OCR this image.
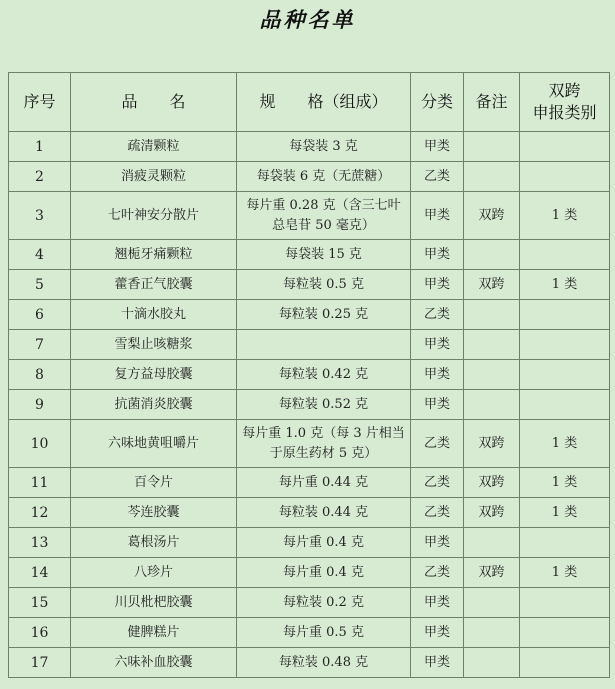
品种名单
序号	品　　名	规　　格（组成）	分类	备注	双跨
申报类别
1	疏清颗粒	每袋装 3 克	甲类		
2	消疲灵颗粒	每袋装 6 克（无蔗糖）	乙类		
3	七叶神安分散片	每片重 0.28 克（含三七叶总皂苷 50 毫克）	甲类	双跨	1 类
4	翘栀牙痛颗粒	每袋装 15 克	甲类		
5	藿香正气胶囊	每粒装 0.5 克	甲类	双跨	1 类
6	十滴水胶丸	每粒装 0.25 克	乙类		
7	雪梨止咳糖浆		甲类		
8	复方益母胶囊	每粒装 0.42 克	甲类		
9	抗菌消炎胶囊	每粒装 0.52 克	甲类		
10	六味地黄咀嚼片	每片重 1.0 克（每 3 片相当于原生药材 5 克）	乙类	双跨	1 类
11	百令片	每片重 0.44 克	乙类	双跨	1 类
12	芩连胶囊	每粒装 0.44 克	乙类	双跨	1 类
13	葛根汤片	每片重 0.4 克	甲类		
14	八珍片	每片重 0.4 克	乙类	双跨	1 类
15	川贝枇杷胶囊	每粒装 0.2 克	甲类		
16	健脾糕片	每片重 0.5 克	甲类		
17	六味补血胶囊	每粒装 0.48 克	甲类		
